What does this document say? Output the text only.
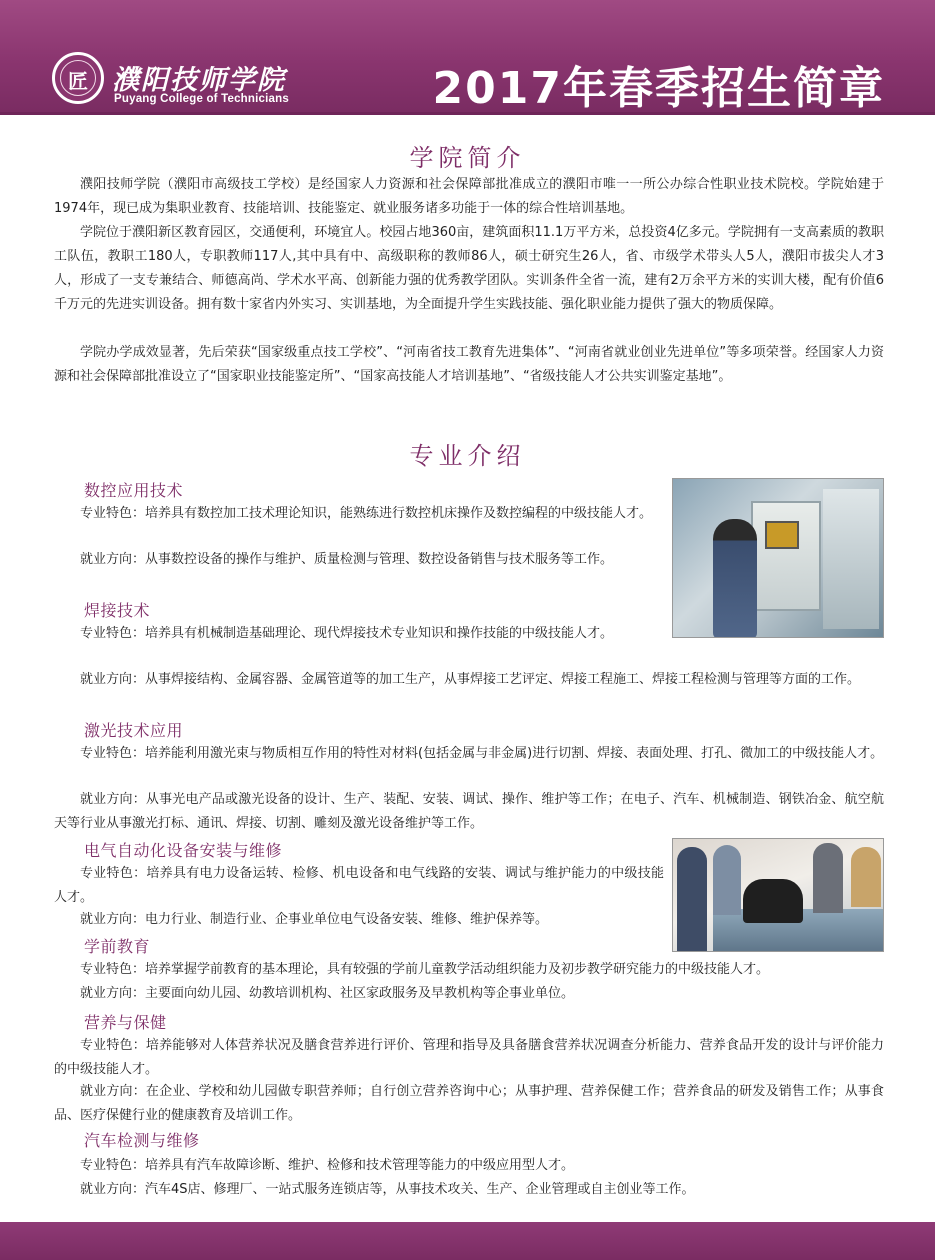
匠 濮阳技师学院
Puyang College of Technicians	2017年春季招生简章
学院简介
濮阳技师学院（濮阳市高级技工学校）是经国家人力资源和社会保障部批准成立的濮阳市唯一一所公办综合性职业技术院校。学院始建于1974年，现已成为集职业教育、技能培训、技能鉴定、就业服务诸多功能于一体的综合性培训基地。
学院位于濮阳新区教育园区，交通便利，环境宜人。校园占地360亩，建筑面积11.1万平方米，总投资4亿多元。学院拥有一支高素质的教职工队伍，教职工180人，专职教师117人,其中具有中、高级职称的教师86人，硕士研究生26人，省、市级学术带头人5人，濮阳市拔尖人才3人，形成了一支专兼结合、师德高尚、学术水平高、创新能力强的优秀教学团队。实训条件全省一流，建有2万余平方米的实训大楼，配有价值6千万元的先进实训设备。拥有数十家省内外实习、实训基地，为全面提升学生实践技能、强化职业能力提供了强大的物质保障。
学院办学成效显著，先后荣获“国家级重点技工学校”、“河南省技工教育先进集体”、“河南省就业创业先进单位”等多项荣誉。经国家人力资源和社会保障部批准设立了“国家职业技能鉴定所”、“国家高技能人才培训基地”、“省级技能人才公共实训鉴定基地”。
专业介绍
数控应用技术
专业特色：培养具有数控加工技术理论知识，能熟练进行数控机床操作及数控编程的中级技能人才。
就业方向：从事数控设备的操作与维护、质量检测与管理、数控设备销售与技术服务等工作。
焊接技术
专业特色：培养具有机械制造基础理论、现代焊接技术专业知识和操作技能的中级技能人才。
就业方向：从事焊接结构、金属容器、金属管道等的加工生产，从事焊接工艺评定、焊接工程施工、焊接工程检测与管理等方面的工作。
激光技术应用
专业特色：培养能利用激光束与物质相互作用的特性对材料(包括金属与非金属)进行切割、焊接、表面处理、打孔、微加工的中级技能人才。
就业方向：从事光电产品或激光设备的设计、生产、装配、安装、调试、操作、维护等工作；在电子、汽车、机械制造、钢铁冶金、航空航天等行业从事激光打标、通讯、焊接、切割、雕刻及激光设备维护等工作。
电气自动化设备安装与维修
专业特色：培养具有电力设备运转、检修、机电设备和电气线路的安装、调试与维护能力的中级技能人才。
就业方向：电力行业、制造行业、企事业单位电气设备安装、维修、维护保养等。
学前教育
专业特色：培养掌握学前教育的基本理论，具有较强的学前儿童教学活动组织能力及初步教学研究能力的中级技能人才。
就业方向：主要面向幼儿园、幼教培训机构、社区家政服务及早教机构等企事业单位。
营养与保健
专业特色：培养能够对人体营养状况及膳食营养进行评价、管理和指导及具备膳食营养状况调查分析能力、营养食品开发的设计与评价能力的中级技能人才。
就业方向：在企业、学校和幼儿园做专职营养师；自行创立营养咨询中心；从事护理、营养保健工作；营养食品的研发及销售工作；从事食品、医疗保健行业的健康教育及培训工作。
汽车检测与维修
专业特色：培养具有汽车故障诊断、维护、检修和技术管理等能力的中级应用型人才。
就业方向：汽车4S店、修理厂、一站式服务连锁店等，从事技术攻关、生产、企业管理或自主创业等工作。
